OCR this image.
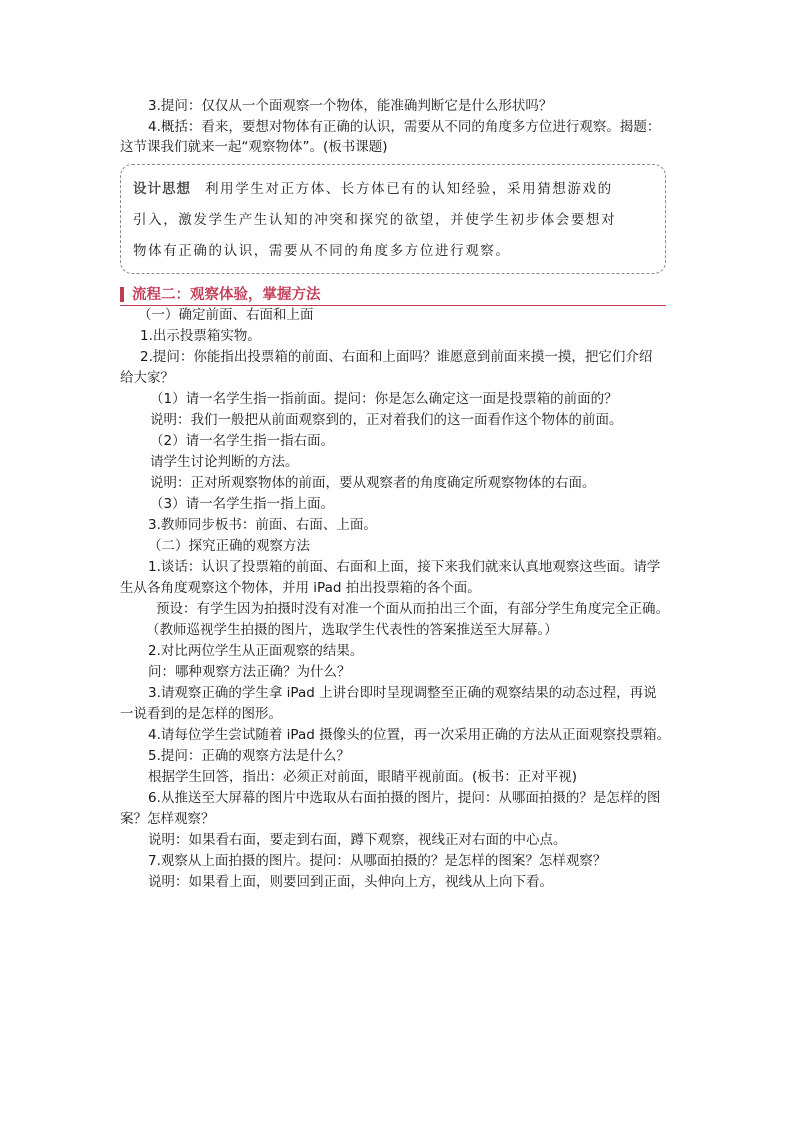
3.提问：仅仅从一个面观察一个物体，能准确判断它是什么形状吗？
4.概括：看来，要想对物体有正确的认识，需要从不同的角度多方位进行观察。揭题：
这节课我们就来一起“观察物体”。(板书课题)
设计思想 利用学生对正方体、长方体已有的认知经验，采用猜想游戏的
引入，激发学生产生认知的冲突和探究的欲望，并使学生初步体会要想对
物体有正确的认识，需要从不同的角度多方位进行观察。
流程二：观察体验，掌握方法
（一）确定前面、右面和上面
1.出示投票箱实物。
2.提问：你能指出投票箱的前面、右面和上面吗？谁愿意到前面来摸一摸，把它们介绍
给大家？
（1）请一名学生指一指前面。提问：你是怎么确定这一面是投票箱的前面的？
说明：我们一般把从前面观察到的，正对着我们的这一面看作这个物体的前面。
（2）请一名学生指一指右面。
请学生讨论判断的方法。
说明：正对所观察物体的前面，要从观察者的角度确定所观察物体的右面。
（3）请一名学生指一指上面。
3.教师同步板书：前面、右面、上面。
（二）探究正确的观察方法
1.谈话：认识了投票箱的前面、右面和上面，接下来我们就来认真地观察这些面。请学
生从各角度观察这个物体，并用 iPad 拍出投票箱的各个面。
预设：有学生因为拍摄时没有对准一个面从而拍出三个面，有部分学生角度完全正确。
（教师巡视学生拍摄的图片，选取学生代表性的答案推送至大屏幕。）
2.对比两位学生从正面观察的结果。
问：哪种观察方法正确？为什么？
3.请观察正确的学生拿 iPad 上讲台即时呈现调整至正确的观察结果的动态过程，再说
一说看到的是怎样的图形。
4.请每位学生尝试随着 iPad 摄像头的位置，再一次采用正确的方法从正面观察投票箱。
5.提问：正确的观察方法是什么？
根据学生回答，指出：必须正对前面，眼睛平视前面。(板书：正对平视)
6.从推送至大屏幕的图片中选取从右面拍摄的图片，提问：从哪面拍摄的？是怎样的图
案？怎样观察？
说明：如果看右面，要走到右面，蹲下观察，视线正对右面的中心点。
7.观察从上面拍摄的图片。提问：从哪面拍摄的？是怎样的图案？怎样观察？
说明：如果看上面，则要回到正面，头伸向上方，视线从上向下看。
